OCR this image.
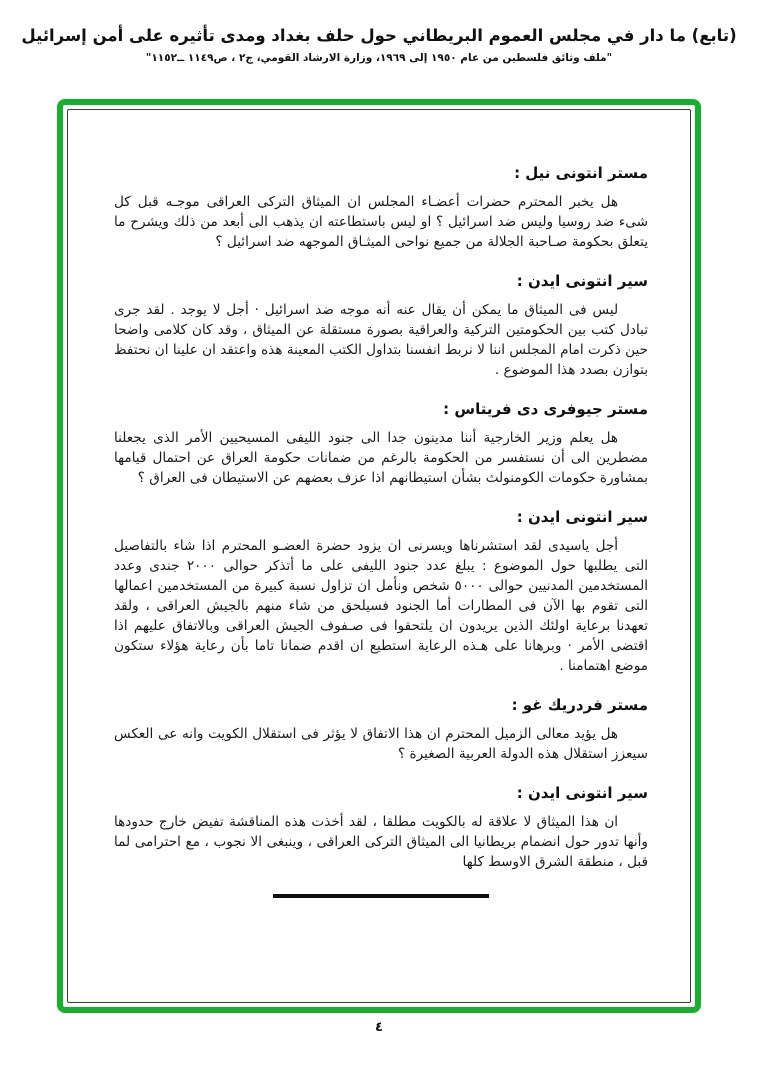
(تابع) ما دار في مجلس العموم البريطاني حول حلف بغداد ومدى تأثيره على أمن إسرائيل
"ملف وثائق فلسطين من عام ١٩٥٠ إلى ١٩٦٩، وزارة الارشاد القومي، ج٢ ، ص١١٤٩ ــ١١٥٢"
مستر انتونى نيل :

هل يخبر المحترم حضرات أعضـاء المجلس ان الميثاق التركى العراقى موجـه قبل كل شىء ضد روسيا وليس ضد اسرائيل ؟ او ليس باستطاعته ان يذهب الى أبعد من ذلك ويشرح ما يتعلق بحكومة صـاحبة الجلالة من جميع نواحى الميثـاق الموجهه ضد اسرائيل ؟

سير انتونى ايدن :

ليس فى الميثاق ما يمكن أن يقال عنه أنه موجه ضد اسرائيل · أجل لا يوجد . لقد جرى تبادل كتب بين الحكومتين التركية والعراقية بصورة مستقلة عن الميثاق ، وقد كان كلامى واضحا حين ذكرت امام المجلس اننا لا نربط انفسنا بتداول الكتب المعينة هذه واعتقد ان علينا ان نحتفظ بتوازن بصدد هذا الموضوع .

مستر جيوفرى دى فريتاس :

هل يعلم وزير الخارجية أننا مدينون جدا الى جنود الليفى المسيحيين الأمر الذى يجعلنا مضطرين الى أن نستفسر من الحكومة بالرغم من ضمانات حكومة العراق عن احتمال قيامها بمشاورة حكومات الكومنولث بشأن استيطانهم اذا عزف بعضهم عن الاستيطان فى العراق ؟

سير انتونى ايدن :

أجل ياسيدى لقد استشرناها ويسرنى ان يزود حضرة العضـو المحترم اذا شاء بالتفاصيل التى يطلبها حول الموضوع : يبلغ عدد جنود الليفى على ما أتذكر حوالى ٢٠٠٠ جندى وعدد المستخدمين المدنيين حوالى ٥٠٠٠ شخص ونأمل ان تزاول نسبة كبيرة من المستخدمين اعمالها التى تقوم بها الآن فى المطارات أما الجنود فسيلحق من شاء منهم بالجيش العراقى ، ولقد تعهدنا برعاية اولئك الذين يريدون ان يلتحقوا فى صـفوف الجيش العراقى وبالاتفاق عليهم اذا اقتضى الأمر · وبرهانا على هـذه الرعاية استطيع ان اقدم ضمانا تاما بأن رعاية هؤلاء ستكون موضع اهتمامنا .

مستر فردريك غو :

هل يؤيد معالى الزميل المحترم ان هذا الاتفاق لا يؤثر فى استقلال الكويت وانه عى العكس سيعزز استقلال هذه الدولة العربية الصغيرة ؟

سير انتونى ايدن :

ان هذا الميثاق لا علاقة له بالكويت مطلقا ، لقد أخذت هذه المناقشة تفيض خارج حدودها وأنها تدور حول انضمام بريطانيا الى الميثاق التركى العراقى ، وينبغى الا نجوب ، مع احترامى لما قبل ، منطقة الشرق الاوسط كلها

٤
